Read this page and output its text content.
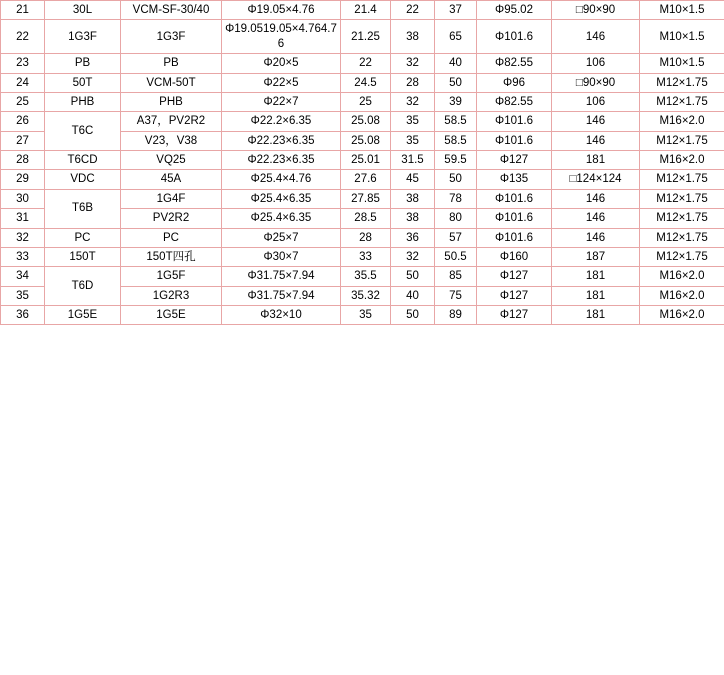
21	30L	VCM-SF-30/40	Φ19.05×4.76	21.4	22	37	Φ95.02	□90×90	M10×1.5
22	1G3F	1G3F	Φ19.0519.05×4.764.76	21.25	38	65	Φ101.6	146	M10×1.5
23	PB	PB	Φ20×5	22	32	40	Φ82.55	106	M10×1.5
24	50T	VCM-50T	Φ22×5	24.5	28	50	Φ96	□90×90	M12×1.75
25	PHB	PHB	Φ22×7	25	32	39	Φ82.55	106	M12×1.75
26	T6C	A37，PV2R2	Φ22.2×6.35	25.08	35	58.5	Φ101.6	146	M16×2.0
27		V23，V38	Φ22.23×6.35	25.08	35	58.5	Φ101.6	146	M12×1.75
28	T6CD	VQ25	Φ22.23×6.35	25.01	31.5	59.5	Φ127	181	M16×2.0
29	VDC	45A	Φ25.4×4.76	27.6	45	50	Φ135	□124×124	M12×1.75
30	T6B	1G4F	Φ25.4×6.35	27.85	38	78	Φ101.6	146	M12×1.75
31		PV2R2	Φ25.4×6.35	28.5	38	80	Φ101.6	146	M12×1.75
32	PC	PC	Φ25×7	28	36	57	Φ101.6	146	M12×1.75
33	150T	150T四孔	Φ30×7	33	32	50.5	Φ160	187	M12×1.75
34	T6D	1G5F	Φ31.75×7.94	35.5	50	85	Φ127	181	M16×2.0
35		1G2R3	Φ31.75×7.94	35.32	40	75	Φ127	181	M16×2.0
36	1G5E	1G5E	Φ32×10	35	50	89	Φ127	181	M16×2.0
